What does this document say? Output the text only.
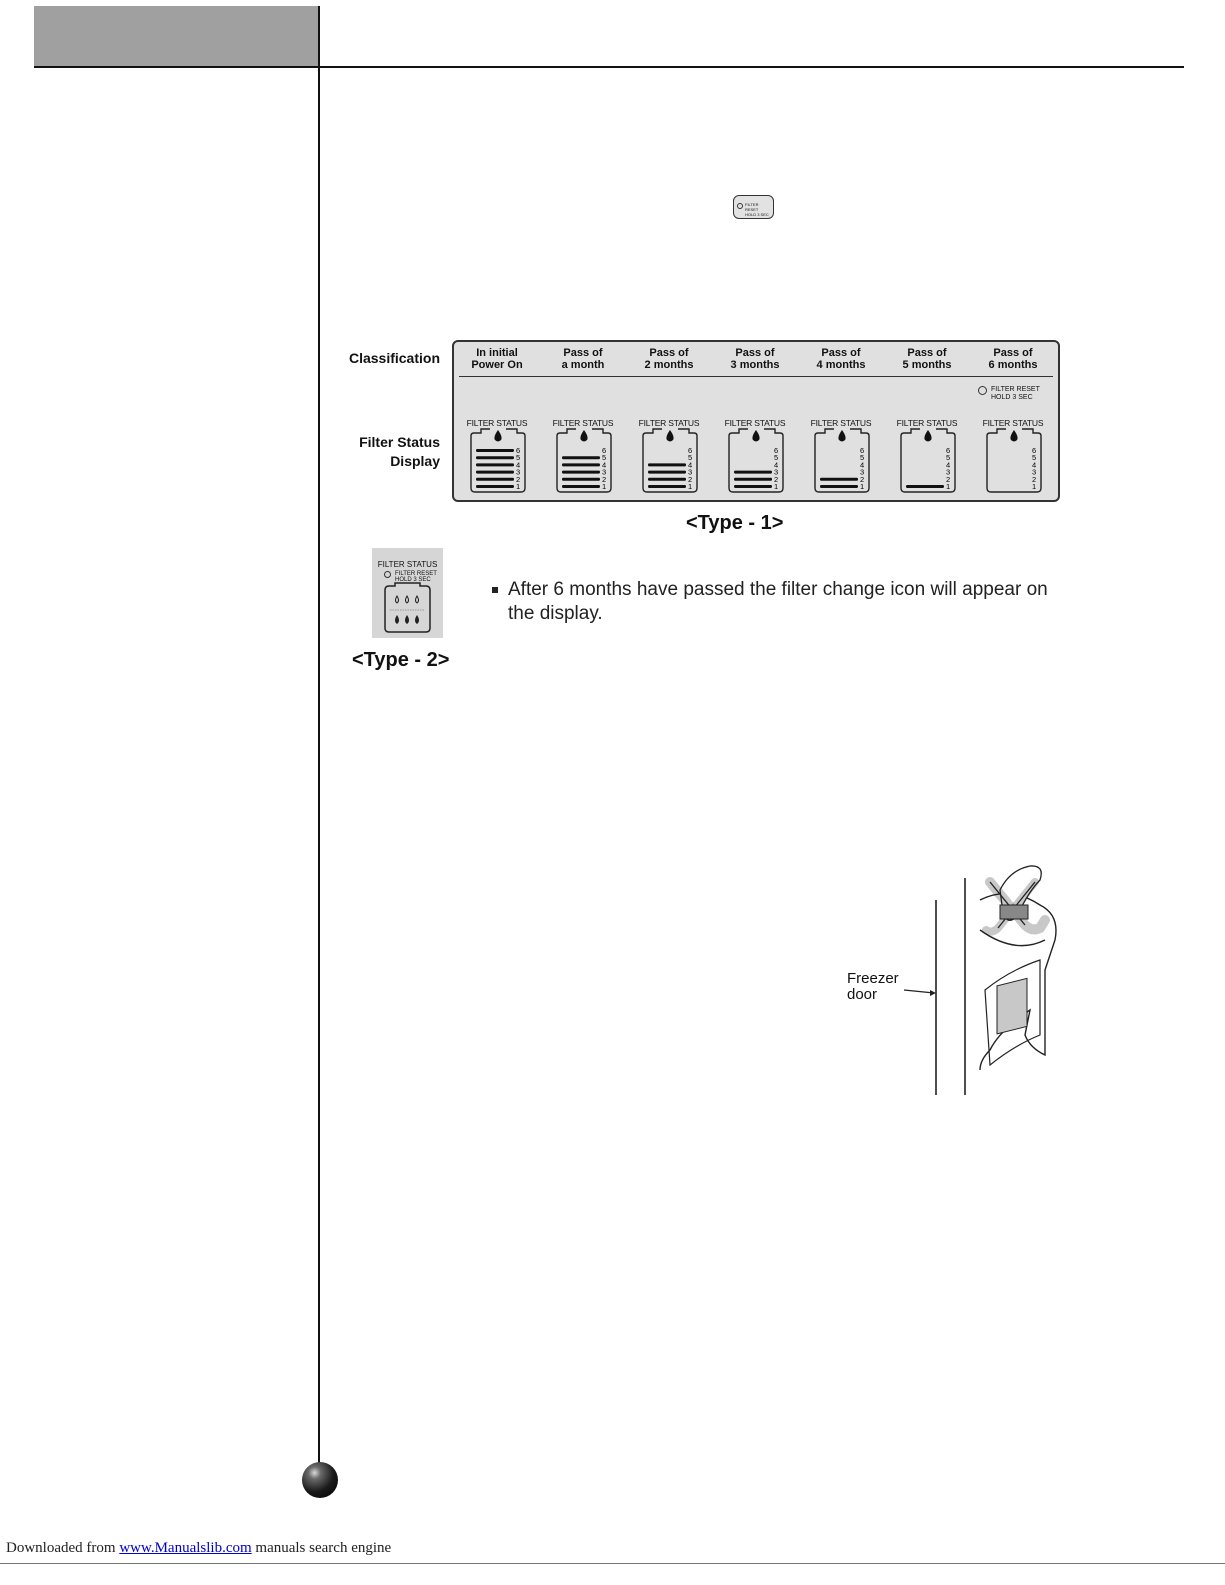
FILTER RESET
HOLD 3 SEC
Classification
Filter Status
Display
In initial
Power On
FILTER STATUS
6
5
4
3
2
1
Pass of
a month
FILTER STATUS
6
5
4
3
2
1
Pass of
2 months
FILTER STATUS
6
5
4
3
2
1
Pass of
3 months
FILTER STATUS
6
5
4
3
2
1
Pass of
4 months
FILTER STATUS
6
5
4
3
2
1
Pass of
5 months
FILTER STATUS
6
5
4
3
2
1
Pass of
6 months
FILTER RESET
HOLD 3 SEC
FILTER STATUS
6
5
4
3
2
1
<Type - 1>
FILTER STATUS
FILTER RESET
HOLD 3 SEC
<Type - 2>
After 6 months have passed the filter change icon will appear on the display.
Freezer
door
Downloaded from www.Manualslib.com manuals search engine
